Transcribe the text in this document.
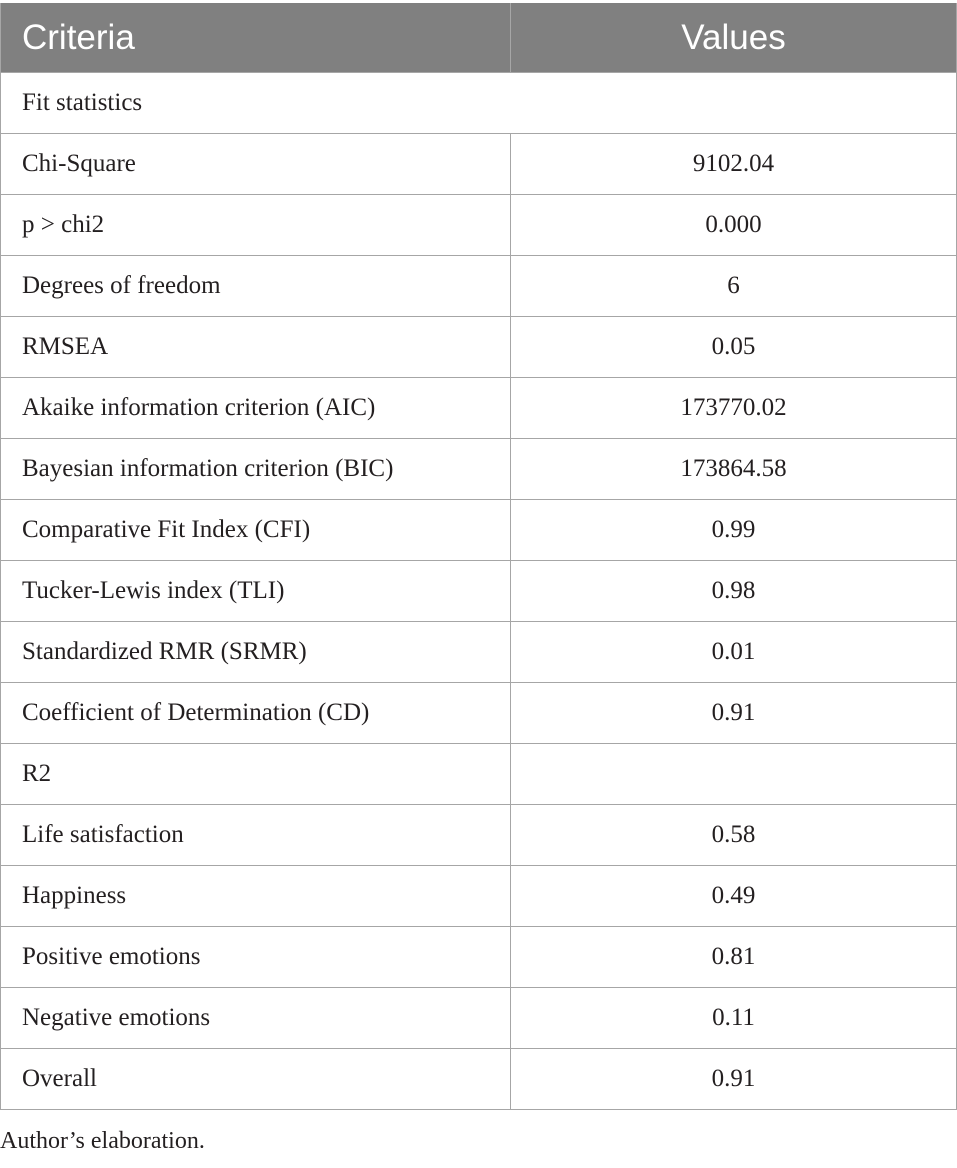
Criteria	Values
Fit statistics	
Chi-Square	9102.04
p > chi2	0.000
Degrees of freedom	6
RMSEA	0.05
Akaike information criterion (AIC)	173770.02
Bayesian information criterion (BIC)	173864.58
Comparative Fit Index (CFI)	0.99
Tucker-Lewis index (TLI)	0.98
Standardized RMR (SRMR)	0.01
Coefficient of Determination (CD)	0.91
R2	
Life satisfaction	0.58
Happiness	0.49
Positive emotions	0.81
Negative emotions	0.11
Overall	0.91
Author’s elaboration.
